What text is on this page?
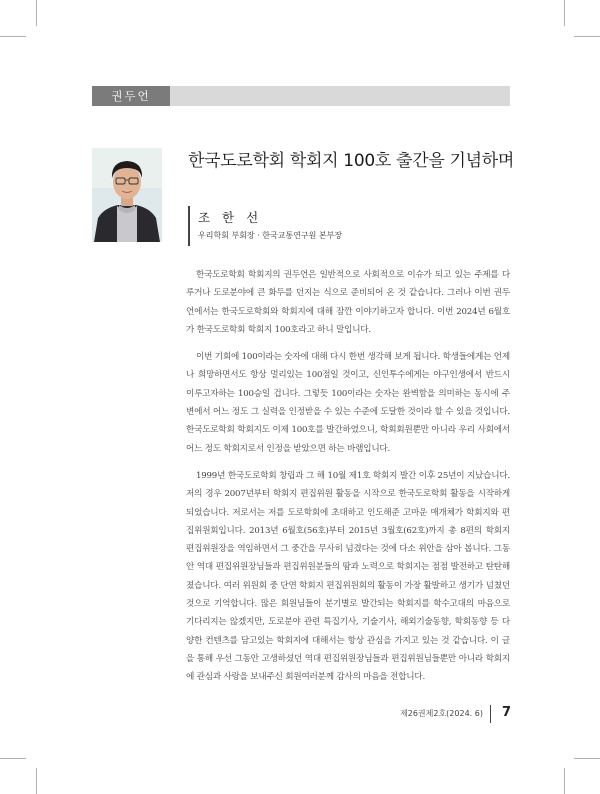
권두언
한국도로학회 학회지 100호 출간을 기념하며
조 한 선
우리학회 부회장 · 한국교통연구원 본부장

한국도로학회 학회지의 권두언은 일반적으로 사회적으로 이슈가 되고 있는 주제를 다루거나 도로분야에 큰 화두를 던지는 식으로 준비되어 온 것 같습니다. 그러나 이번 권두언에서는 한국도로학회와 학회지에 대해 잠깐 이야기하고자 합니다. 이번 2024년 6월호가 한국도로학회 학회지 100호라고 하니 말입니다.

이번 기회에 100이라는 숫자에 대해 다시 한번 생각해 보게 됩니다. 학생들에게는 언제나 희망하면서도 항상 멀리있는 100점일 것이고, 신인투수에게는 야구인생에서 반드시 이루고자하는 100승일 겁니다. 그렇듯 100이라는 숫자는 완벽함을 의미하는 동시에 주변에서 어느 정도 그 실력을 인정받을 수 있는 수준에 도달한 것이라 할 수 있을 것입니다. 한국도로학회 학회지도 이제 100호를 발간하였으니, 학회회원뿐만 아니라 우리 사회에서 어느 정도 학회지로서 인정을 받았으면 하는 바램입니다.

1999년 한국도로학회 창립과 그 해 10월 제1호 학회지 발간 이후 25년이 지났습니다. 저의 경우 2007년부터 학회지 편집위원 활동을 시작으로 한국도로학회 활동을 시작하게 되었습니다. 저로서는 저를 도로학회에 초대하고 인도해준 고마운 매개체가 학회지와 편집위원회입니다. 2013년 6월호(56호)부터 2015년 3월호(62호)까지 총 8편의 학회지 편집위원장을 역임하면서 그 중간을 무사히 넘겼다는 것에 다소 위안을 삼아 봅니다. 그동안 역대 편집위원장님들과 편집위원분들의 땀과 노력으로 학회지는 점점 발전하고 탄탄해 졌습니다. 여러 위원회 중 단연 학회지 편집위원회의 활동이 가장 활발하고 생기가 넘쳤던 것으로 기억합니다. 많은 회원님들이 분기별로 발간되는 학회지를 학수고대의 마음으로 기다리지는 않겠지만, 도로분야 관련 특집기사, 기술기사, 해외기술동향, 학회동향 등 다양한 컨텐츠를 담고있는 학회지에 대해서는 항상 관심을 가지고 있는 것 같습니다. 이 글을 통해 우선 그동안 고생하셨던 역대 편집위원장님들과 편집위원님들뿐만 아니라 학회지에 관심과 사랑을 보내주신 회원여러분께 감사의 마음을 전합니다.

제26권제2호(2024. 6) 7
